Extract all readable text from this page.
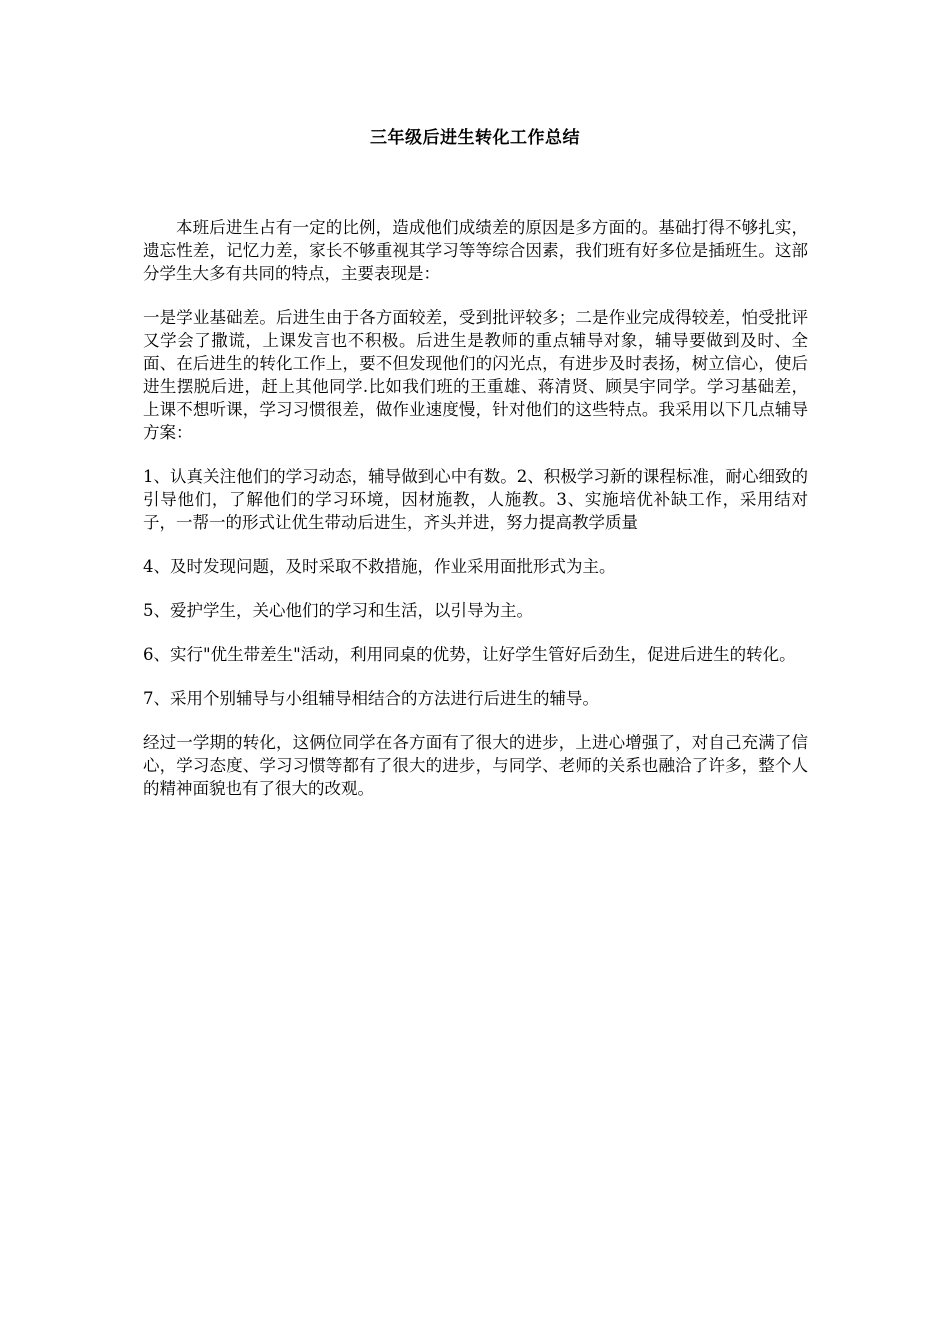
三年级后进生转化工作总结

本班后进生占有一定的比例，造成他们成绩差的原因是多方面的。基础打得不够扎实，遗忘性差，记忆力差，家长不够重视其学习等等综合因素，我们班有好多位是插班生。这部分学生大多有共同的特点，主要表现是：

一是学业基础差。后进生由于各方面较差，受到批评较多；二是作业完成得较差，怕受批评又学会了撒谎，上课发言也不积极。后进生是教师的重点辅导对象，辅导要做到及时、全面、在后进生的转化工作上，要不但发现他们的闪光点，有进步及时表扬，树立信心，使后进生摆脱后进，赶上其他同学.比如我们班的王重雄、蒋清贤、顾昊宇同学。学习基础差，上课不想听课，学习习惯很差，做作业速度慢，针对他们的这些特点。我采用以下几点辅导方案：

1、认真关注他们的学习动态，辅导做到心中有数。2、积极学习新的课程标准，耐心细致的引导他们，了解他们的学习环境，因材施教，人施教。3、实施培优补缺工作，采用结对子，一帮一的形式让优生带动后进生，齐头并进，努力提高教学质量

4、及时发现问题，及时采取不救措施，作业采用面批形式为主。

5、爱护学生，关心他们的学习和生活，以引导为主。

6、实行"优生带差生"活动，利用同桌的优势，让好学生管好后劲生，促进后进生的转化。

7、采用个别辅导与小组辅导相结合的方法进行后进生的辅导。

经过一学期的转化，这俩位同学在各方面有了很大的进步，上进心增强了，对自己充满了信心，学习态度、学习习惯等都有了很大的进步，与同学、老师的关系也融洽了许多，整个人的精神面貌也有了很大的改观。
